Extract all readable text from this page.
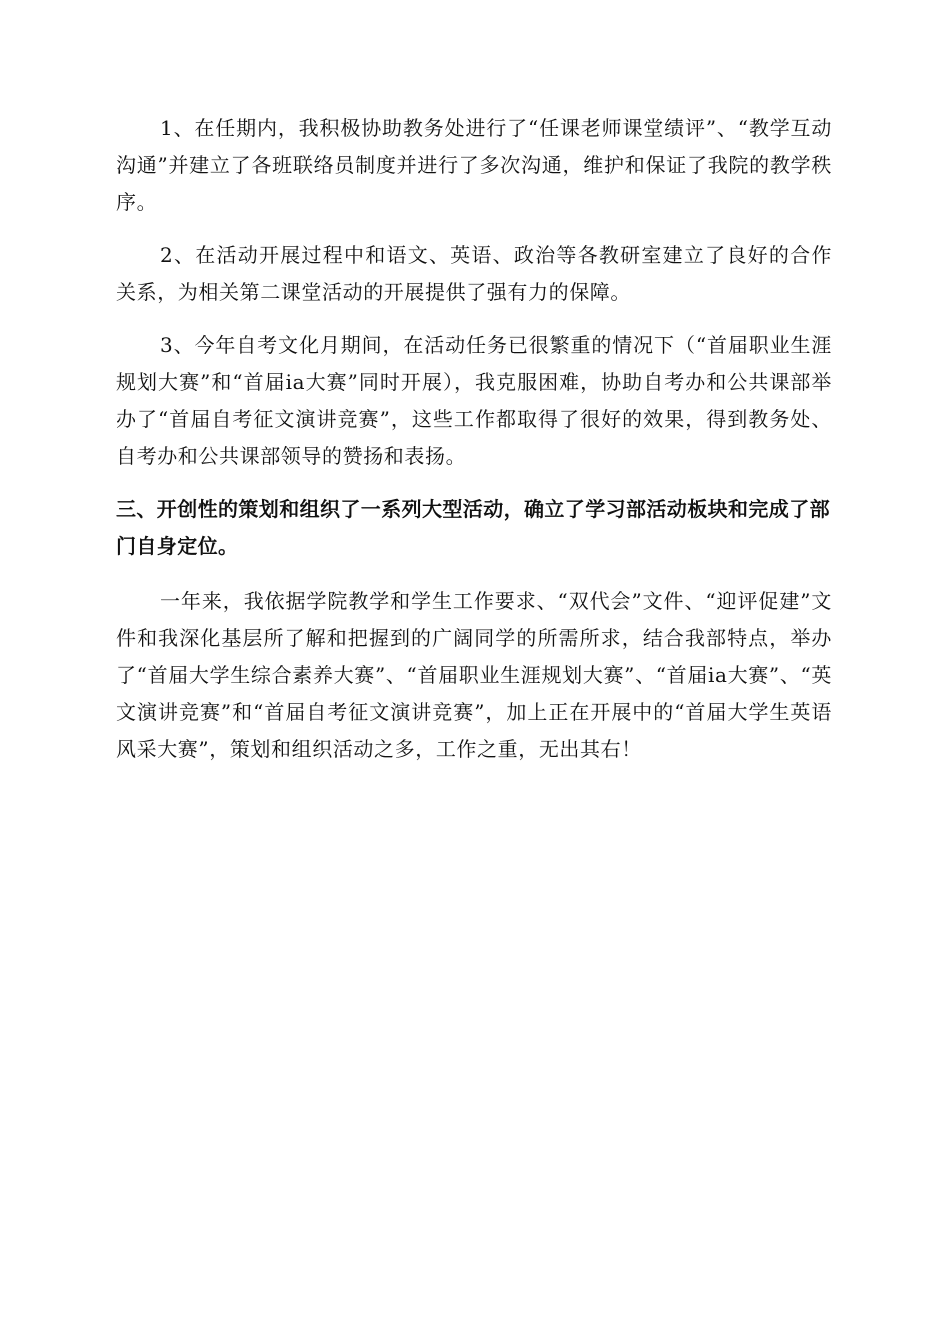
1、在任期内，我积极协助教务处进行了“任课老师课堂绩评”、“教学互动沟通”并建立了各班联络员制度并进行了多次沟通，维护和保证了我院的教学秩序。

2、在活动开展过程中和语文、英语、政治等各教研室建立了良好的合作关系，为相关第二课堂活动的开展提供了强有力的保障。

3、今年自考文化月期间，在活动任务已很繁重的情况下（“首届职业生涯规划大赛”和“首届ia大赛”同时开展），我克服困难，协助自考办和公共课部举办了“首届自考征文演讲竞赛”，这些工作都取得了很好的效果，得到教务处、自考办和公共课部领导的赞扬和表扬。

三、开创性的策划和组织了一系列大型活动，确立了学习部活动板块和完成了部门自身定位。

一年来，我依据学院教学和学生工作要求、“双代会”文件、“迎评促建”文件和我深化基层所了解和把握到的广阔同学的所需所求，结合我部特点，举办了“首届大学生综合素养大赛”、“首届职业生涯规划大赛”、“首届ia大赛”、“英文演讲竞赛”和“首届自考征文演讲竞赛”，加上正在开展中的“首届大学生英语风采大赛”，策划和组织活动之多，工作之重，无出其右！
